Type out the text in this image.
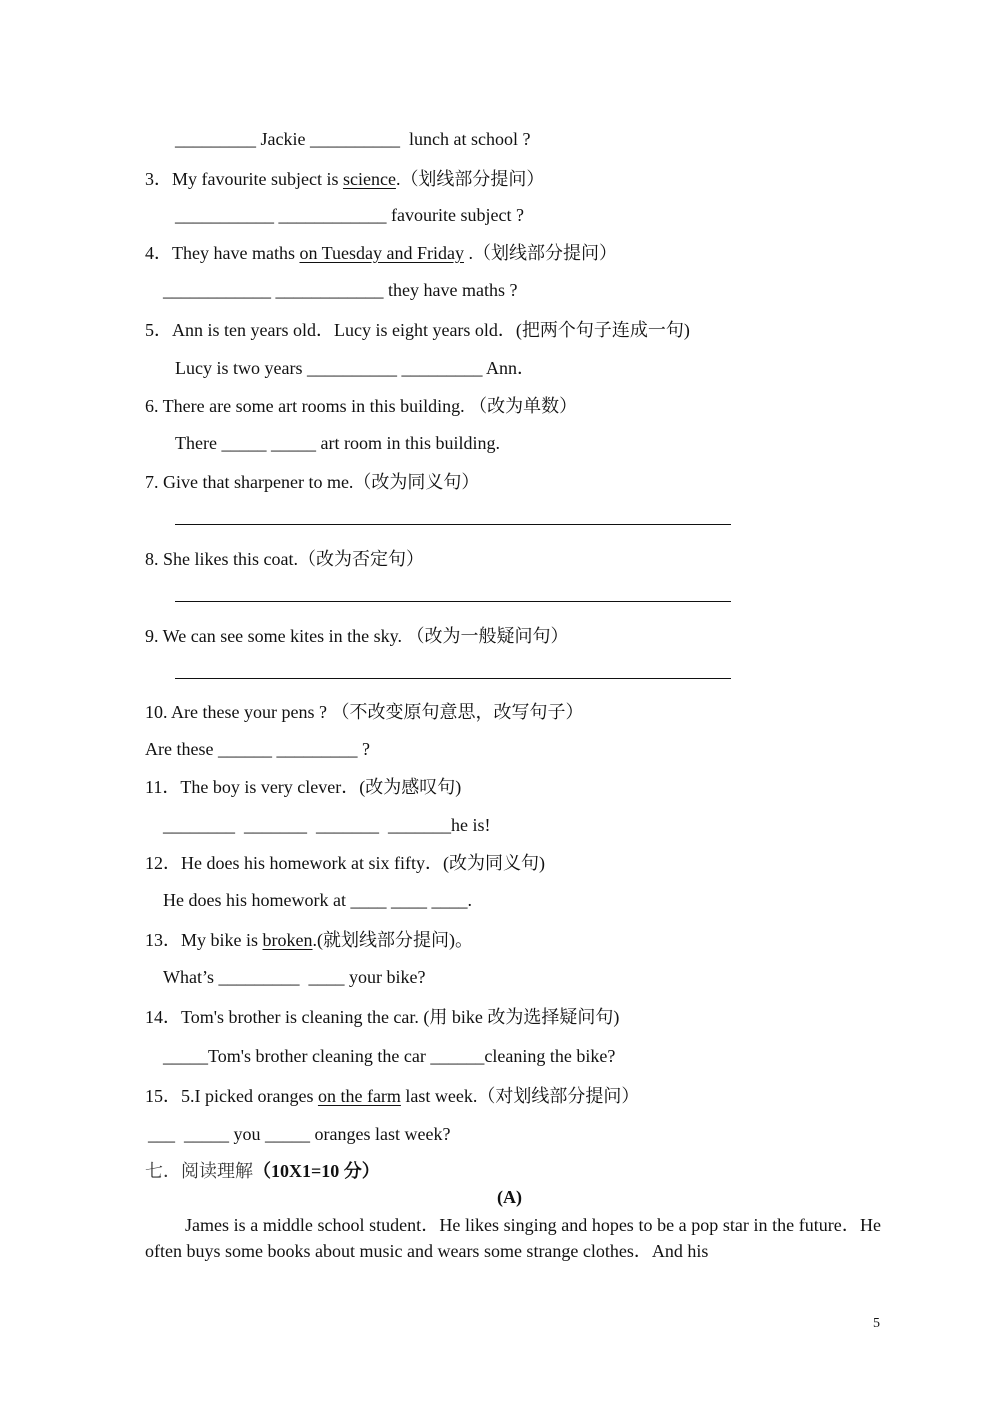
_________ Jackie __________  lunch at school ?
3．My favourite subject is science.（划线部分提问）
___________ ____________ favourite subject ?
4．They have maths on Tuesday and Friday .（划线部分提问）
____________ ____________ they have maths ?
5．Ann is ten years old．Lucy is eight years old．(把两个句子连成一句)
Lucy is two years __________ _________ Ann．
6. There are some art rooms in this building. （改为单数）
There _____ _____ art room in this building.
7. Give that sharpener to me.（改为同义句）
8. She likes this coat.（改为否定句）
9. We can see some kites in the sky. （改为一般疑问句）
10. Are these your pens ? （不改变原句意思，改写句子）
Are these ______ _________ ?
11．The boy is very clever．(改为感叹句)
________  _______  _______  _______he is!
12．He does his homework at six fifty．(改为同义句)
He does his homework at ____ ____ ____.
13．My bike is broken.(就划线部分提问)。
What’s _________  ____ your bike?
14．Tom's brother is cleaning the car. (用 bike 改为选择疑问句)
_____Tom's brother cleaning the car ______cleaning the bike?
15．5.I picked oranges on the farm last week.（对划线部分提问）
___  _____ you _____ oranges last week?
七．阅读理解（10X1=10 分）
(A)
James is a middle school student．He likes singing and hopes to be a pop star in the future．He often buys some books about music and wears some strange clothes．And his
5
